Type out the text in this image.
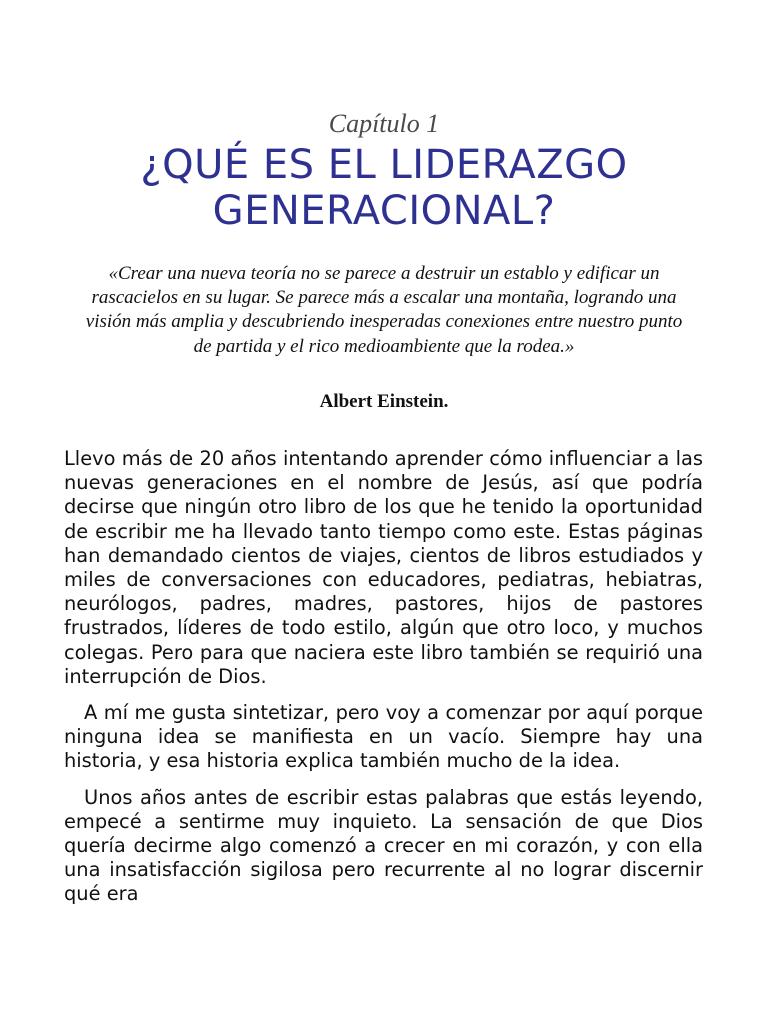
Capítulo 1
¿QUÉ ES EL LIDERAZGO GENERACIONAL?
«Crear una nueva teoría no se parece a destruir un establo y edificar un rascacielos en su lugar. Se parece más a escalar una montaña, logrando una visión más amplia y descubriendo inesperadas conexiones entre nuestro punto de partida y el rico medioambiente que la rodea.»
Albert Einstein.

Llevo más de 20 años intentando aprender cómo influenciar a las nuevas generaciones en el nombre de Jesús, así que podría decirse que ningún otro libro de los que he tenido la oportunidad de escribir me ha llevado tanto tiempo como este. Estas páginas han demandado cientos de viajes, cientos de libros estudiados y miles de conversaciones con educadores, pediatras, hebiatras, neurólogos, padres, madres, pastores, hijos de pastores frustrados, líderes de todo estilo, algún que otro loco, y muchos colegas. Pero para que naciera este libro también se requirió una interrupción de Dios.

A mí me gusta sintetizar, pero voy a comenzar por aquí porque ninguna idea se manifiesta en un vacío. Siempre hay una historia, y esa historia explica también mucho de la idea.

Unos años antes de escribir estas palabras que estás leyendo, empecé a sentirme muy inquieto. La sensación de que Dios quería decirme algo comenzó a crecer en mi corazón, y con ella una insatisfacción sigilosa pero recurrente al no lograr discernir qué era
